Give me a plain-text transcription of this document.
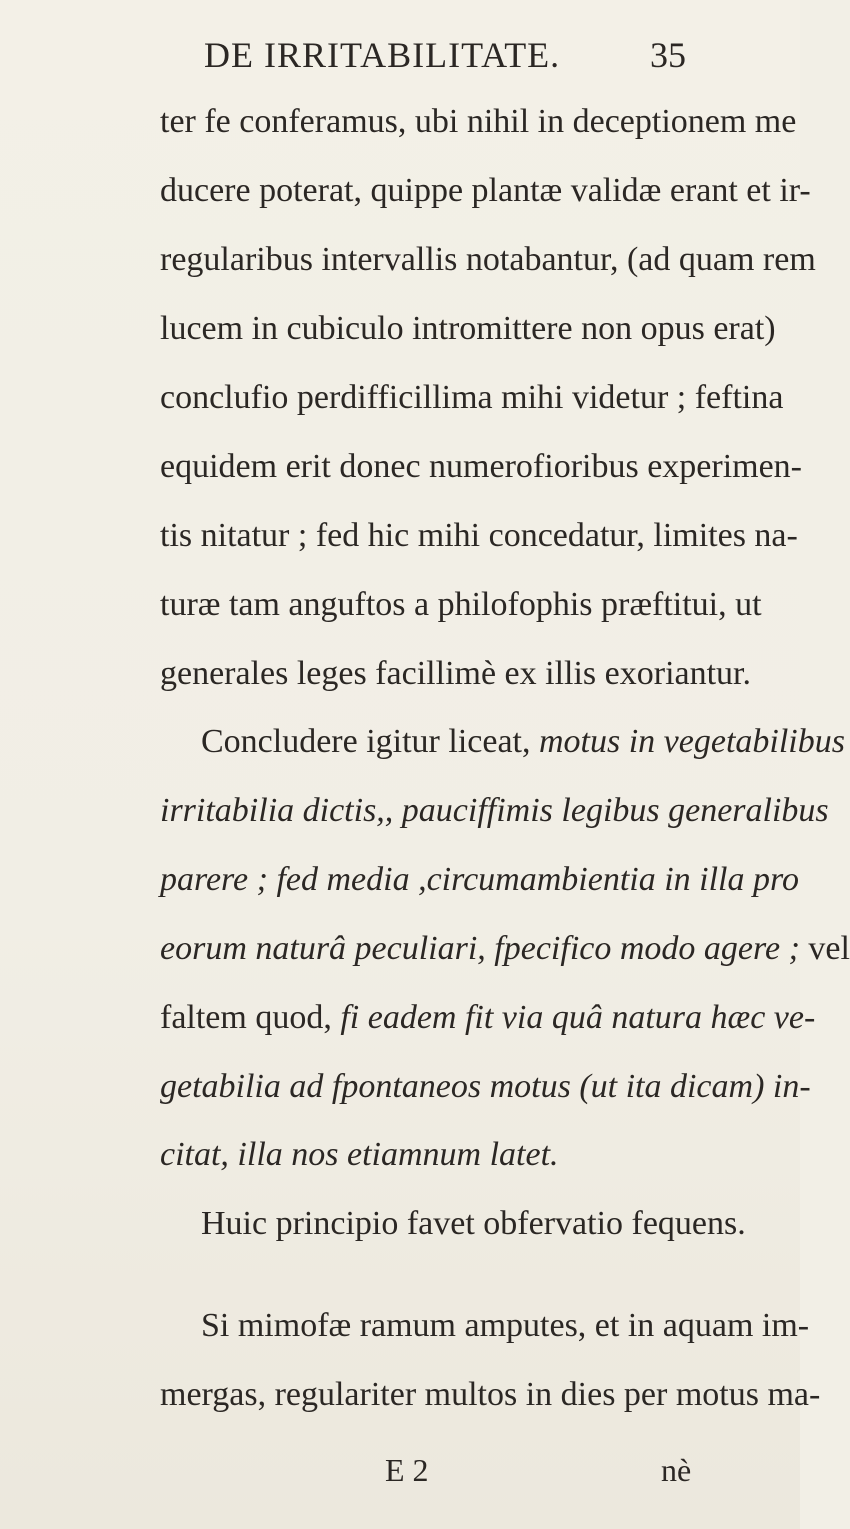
DE IRRITABILITATE. 35
ter fe conferamus, ubi nihil in deceptionem me
ducere poterat, quippe plantæ validæ erant et ir-
regularibus intervallis notabantur, (ad quam rem
lucem in cubiculo intromittere non opus erat)
conclufio perdifficillima mihi videtur ; feftina
equidem erit donec numerofioribus experimen-
tis nitatur ; fed hic mihi concedatur, limites na-
turæ tam anguftos a philofophis præftitui, ut
generales leges facillimè ex illis exoriantur.
Concludere igitur liceat, motus in vegetabilibus
irritabilia dictis,, pauciffimis legibus generalibus
parere ; fed media ,circumambientia in illa pro
eorum naturâ peculiari, fpecifico modo agere ; vel
faltem quod, fi eadem fit via quâ natura hæc ve-
getabilia ad fpontaneos motus (ut ita dicam) in-
citat, illa nos etiamnum latet.
Huic principio favet obfervatio fequens.
Si mimofæ ramum amputes, et in aquam im-
mergas, regulariter multos in dies per motus ma-
E 2	nè
